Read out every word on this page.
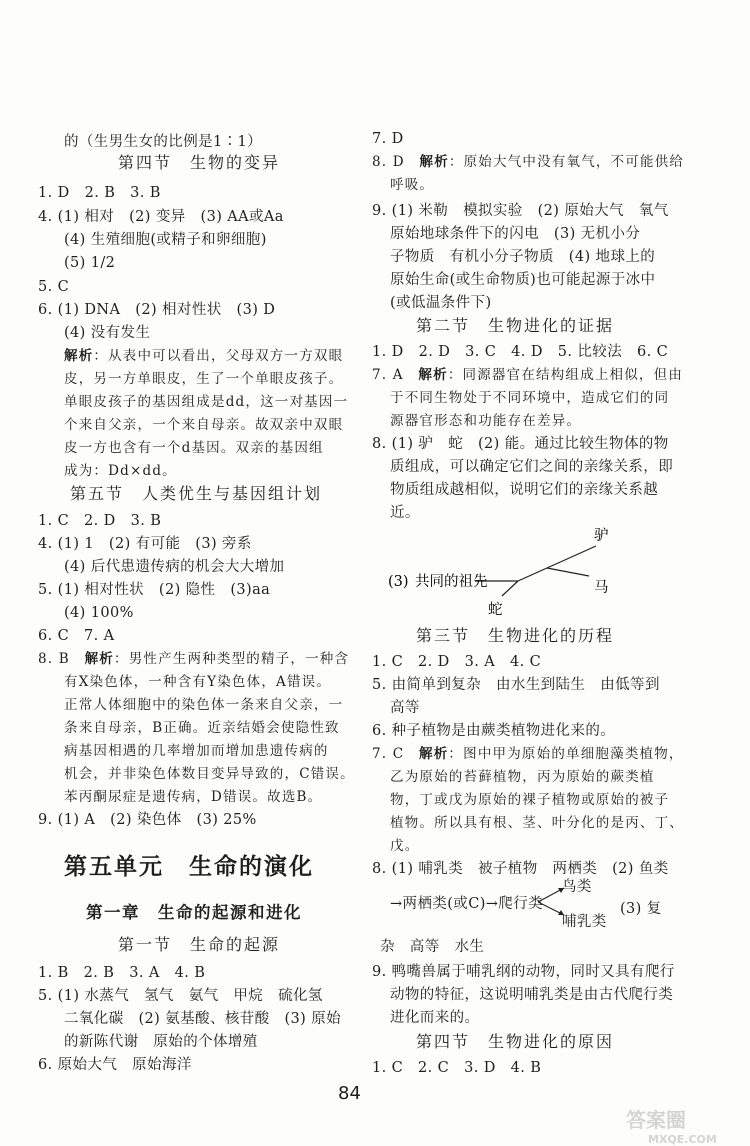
的（生男生女的比例是1∶1）
第四节　生物的变异
1. D　2. B　3. B
4. (1) 相对　(2) 变异　(3) AA或Aa
(4) 生殖细胞(或精子和卵细胞)
(5) 1/2
5. C
6. (1) DNA　(2) 相对性状　(3) D
(4) 没有发生
解析：从表中可以看出，父母双方一方双眼
皮，另一方单眼皮，生了一个单眼皮孩子。
单眼皮孩子的基因组成是dd，这一对基因一
个来自父亲，一个来自母亲。故双亲中双眼
皮一方也含有一个d基因。双亲的基因组
成为：Dd×dd。
第五节　人类优生与基因组计划
1. C　2. D　3. B
4. (1) 1　(2) 有可能　(3) 旁系
(4) 后代患遗传病的机会大大增加
5. (1) 相对性状　(2) 隐性　(3)aa
(4) 100%
6. C　7. A
8. B　解析：男性产生两种类型的精子，一种含
有X染色体，一种含有Y染色体，A错误。
正常人体细胞中的染色体一条来自父亲，一
条来自母亲，B正确。近亲结婚会使隐性致
病基因相遇的几率增加而增加患遗传病的
机会，并非染色体数目变异导致的，C错误。
苯丙酮尿症是遗传病，D错误。故选B。
9. (1) A　(2) 染色体　(3) 25%
第五单元　生命的演化
第一章　生命的起源和进化
第一节　生命的起源
1. B　2. B　3. A　4. B
5. (1) 水蒸气　氢气　氨气　甲烷　硫化氢
二氧化碳　(2) 氨基酸、核苷酸　(3) 原始
的新陈代谢　原始的个体增殖
6. 原始大气　原始海洋
7. D
8. D　解析：原始大气中没有氧气，不可能供给
呼吸。
9. (1) 米勒　模拟实验　(2) 原始大气　氧气
原始地球条件下的闪电　(3) 无机小分
子物质　有机小分子物质　(4) 地球上的
原始生命(或生命物质)也可能起源于冰中
(或低温条件下)
第二节　生物进化的证据
1. D　2. D　3. C　4. D　5. 比较法　6. C
7. A　解析：同源器官在结构组成上相似，但由
于不同生物处于不同环境中，造成它们的同
源器官形态和功能存在差异。
8. (1) 驴　蛇　(2) 能。通过比较生物体的物
质组成，可以确定它们之间的亲缘关系，即
物质组成越相似，说明它们的亲缘关系越
近。
(3) 共同的祖先
驴
马
蛇
第三节　生物进化的历程
1. C　2. D　3. A　4. C
5. 由简单到复杂　由水生到陆生　由低等到
高等
6. 种子植物是由蕨类植物进化来的。
7. C　解析：图中甲为原始的单细胞藻类植物，
乙为原始的苔藓植物，丙为原始的蕨类植
物，丁或戊为原始的裸子植物或原始的被子
植物。所以具有根、茎、叶分化的是丙、丁、
戊。
8. (1) 哺乳类　被子植物　两栖类　(2) 鱼类
→两栖类(或C)→爬行类
鸟类
哺乳类
(3) 复
杂　高等　水生
9. 鸭嘴兽属于哺乳纲的动物，同时又具有爬行
动物的特征，这说明哺乳类是由古代爬行类
进化而来的。
第四节　生物进化的原因
1. C　2. C　3. D　4. B
84
答案圈
MXQE.COM
